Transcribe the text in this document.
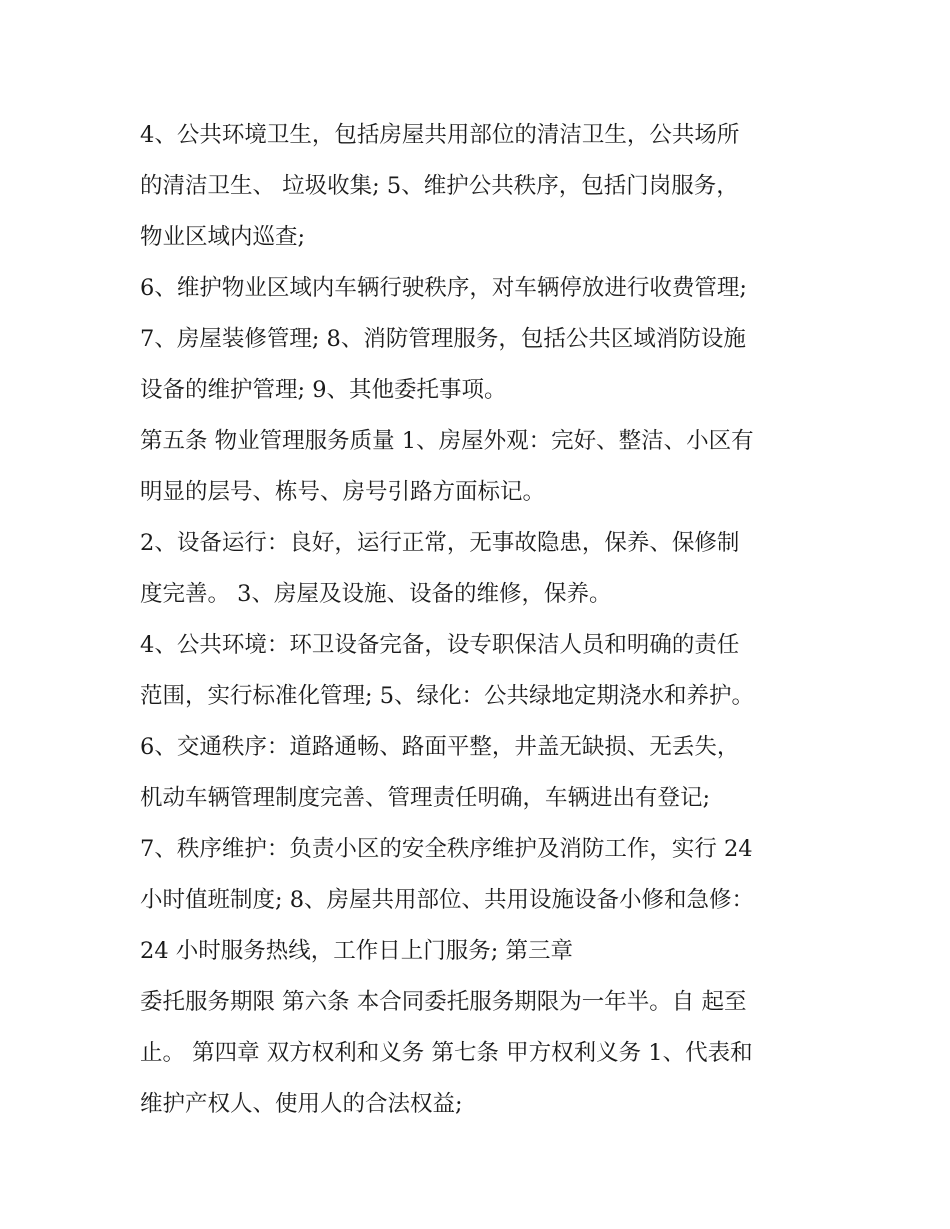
4、公共环境卫生，包括房屋共用部位的清洁卫生，公共场所
的清洁卫生、 垃圾收集; 5、维护公共秩序，包括门岗服务，
物业区域内巡查;

6、维护物业区域内车辆行驶秩序，对车辆停放进行收费管理;

7、房屋装修管理; 8、消防管理服务，包括公共区域消防设施
设备的维护管理; 9、其他委托事项。

第五条 物业管理服务质量 1、房屋外观：完好、整洁、小区有
明显的层号、栋号、房号引路方面标记。

2、设备运行：良好，运行正常，无事故隐患，保养、保修制
度完善。 3、房屋及设施、设备的维修，保养。

4、公共环境：环卫设备完备，设专职保洁人员和明确的责任
范围，实行标准化管理; 5、绿化：公共绿地定期浇水和养护。

6、交通秩序：道路通畅、路面平整，井盖无缺损、无丢失，
机动车辆管理制度完善、管理责任明确，车辆进出有登记;

7、秩序维护：负责小区的安全秩序维护及消防工作，实行 24
小时值班制度; 8、房屋共用部位、共用设施设备小修和急修：
24 小时服务热线，工作日上门服务; 第三章

委托服务期限 第六条 本合同委托服务期限为一年半。自 起至
止。 第四章 双方权利和义务 第七条 甲方权利义务 1、代表和
维护产权人、使用人的合法权益;
